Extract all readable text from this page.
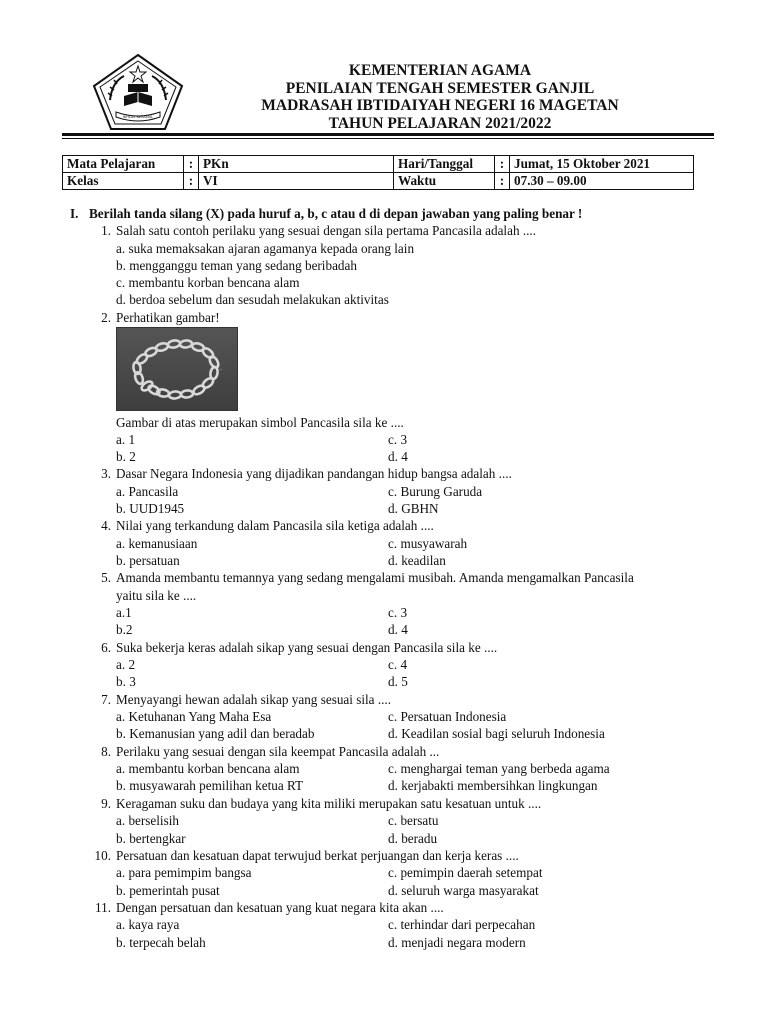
IKHLAS BERAMAL
KEMENTERIAN AGAMA
PENILAIAN TENGAH SEMESTER GANJIL
MADRASAH IBTIDAIYAH NEGERI 16 MAGETAN
TAHUN PELAJARAN 2021/2022
Mata Pelajaran	:	PKn	Hari/Tanggal	:	Jumat, 15 Oktober 2021
Kelas	:	VI	Waktu	:	07.30 – 09.00
I. Berilah tanda silang (X) pada huruf a, b, c atau d di depan jawaban yang paling benar !
1. Salah satu contoh perilaku yang sesuai dengan sila pertama Pancasila adalah ....
a. suka memaksakan ajaran agamanya kepada orang lain
b. mengganggu teman yang sedang beribadah
c. membantu korban bencana alam
d. berdoa sebelum dan sesudah melakukan aktivitas
2. Perhatikan gambar!
Gambar di atas merupakan simbol Pancasila sila ke ....
a. 1	c. 3
b. 2	d. 4
3. Dasar Negara Indonesia yang dijadikan pandangan hidup bangsa adalah ....
a. Pancasila	c. Burung Garuda
b. UUD1945	d. GBHN
4. Nilai yang terkandung dalam Pancasila sila ketiga adalah ....
a. kemanusiaan	c. musyawarah
b. persatuan	d. keadilan
5. Amanda membantu temannya yang sedang mengalami musibah. Amanda mengamalkan Pancasila
yaitu sila ke ....
a.1	c. 3
b.2	d. 4
6. Suka bekerja keras adalah sikap yang sesuai dengan Pancasila sila ke ....
a. 2	c. 4
b. 3	d. 5
7. Menyayangi hewan adalah sikap yang sesuai sila ....
a. Ketuhanan Yang Maha Esa	c. Persatuan Indonesia
b. Kemanusian yang adil dan beradab	d. Keadilan sosial bagi seluruh Indonesia
8. Perilaku yang sesuai dengan sila keempat Pancasila adalah ...
a. membantu korban bencana alam	c. menghargai teman yang berbeda agama
b. musyawarah pemilihan ketua RT	d. kerjabakti membersihkan lingkungan
9. Keragaman suku dan budaya yang kita miliki merupakan satu kesatuan untuk ....
a. berselisih	c. bersatu
b. bertengkar	d. beradu
10. Persatuan dan kesatuan dapat terwujud berkat perjuangan dan kerja keras ....
a. para pemimpim bangsa	c. pemimpin daerah setempat
b. pemerintah pusat	d. seluruh warga masyarakat
11. Dengan persatuan dan kesatuan yang kuat negara kita akan ....
a. kaya raya	c. terhindar dari perpecahan
b. terpecah belah	d. menjadi negara modern
